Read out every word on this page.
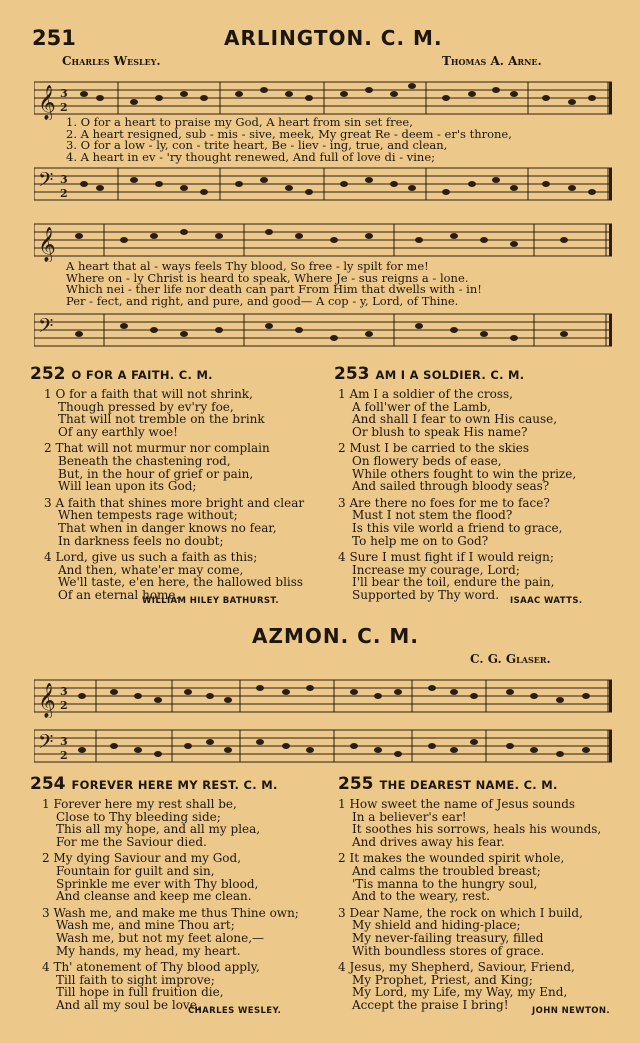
251	ARLINGTON. C. M.
Charles Wesley.	Thomas A. Arne.
𝄞 3
2
1. O for a heart to praise my God, A heart from sin set free,
2. A heart resigned, sub - mis - sive, meek, My great Re - deem - er's throne,
3. O for a low - ly, con - trite heart, Be - liev - ing, true, and clean,
4. A heart in ev - 'ry thought renewed, And full of love di - vine;
𝄢 3
2
𝄞
A heart that al - ways feels Thy blood, So free - ly spilt for me!
Where on - ly Christ is heard to speak, Where Je - sus reigns a - lone.
Which nei - ther life nor death can part From Him that dwells with - in!
Per - fect, and right, and pure, and good— A cop - y, Lord, of Thine.
𝄢
252 O FOR A FAITH. C. M.
1 O for a faith that will not shrink,
Though pressed by ev'ry foe,
That will not tremble on the brink
Of any earthly woe!
2 That will not murmur nor complain
Beneath the chastening rod,
But, in the hour of grief or pain,
Will lean upon its God;
3 A faith that shines more bright and clear
When tempests rage without;
That when in danger knows no fear,
In darkness feels no doubt;
4 Lord, give us such a faith as this;
And then, whate'er may come,
We'll taste, e'en here, the hallowed bliss
Of an eternal home.
WILLIAM HILEY BATHURST.
253 AM I A SOLDIER. C. M.
1 Am I a soldier of the cross,
A foll'wer of the Lamb,
And shall I fear to own His cause,
Or blush to speak His name?
2 Must I be carried to the skies
On flowery beds of ease,
While others fought to win the prize,
And sailed through bloody seas?
3 Are there no foes for me to face?
Must I not stem the flood?
Is this vile world a friend to grace,
To help me on to God?
4 Sure I must fight if I would reign;
Increase my courage, Lord;
I'll bear the toil, endure the pain,
Supported by Thy word.	ISAAC WATTS.
AZMON. C. M.
C. G. Glaser.
𝄞 3
2
𝄢 3
2
254 FOREVER HERE MY REST. C. M.
1 Forever here my rest shall be,
Close to Thy bleeding side;
This all my hope, and all my plea,
For me the Saviour died.
2 My dying Saviour and my God,
Fountain for guilt and sin,
Sprinkle me ever with Thy blood,
And cleanse and keep me clean.
3 Wash me, and make me thus Thine own;
Wash me, and mine Thou art;
Wash me, but not my feet alone,—
My hands, my head, my heart.
4 Th' atonement of Thy blood apply,
Till faith to sight improve;
Till hope in full fruition die,
And all my soul be love.
CHARLES WESLEY.
255 THE DEAREST NAME. C. M.
1 How sweet the name of Jesus sounds
In a believer's ear!
It soothes his sorrows, heals his wounds,
And drives away his fear.
2 It makes the wounded spirit whole,
And calms the troubled breast;
'Tis manna to the hungry soul,
And to the weary, rest.
3 Dear Name, the rock on which I build,
My shield and hiding-place;
My never-failing treasury, filled
With boundless stores of grace.
4 Jesus, my Shepherd, Saviour, Friend,
My Prophet, Priest, and King;
My Lord, my Life, my Way, my End,
Accept the praise I bring!	JOHN NEWTON.
